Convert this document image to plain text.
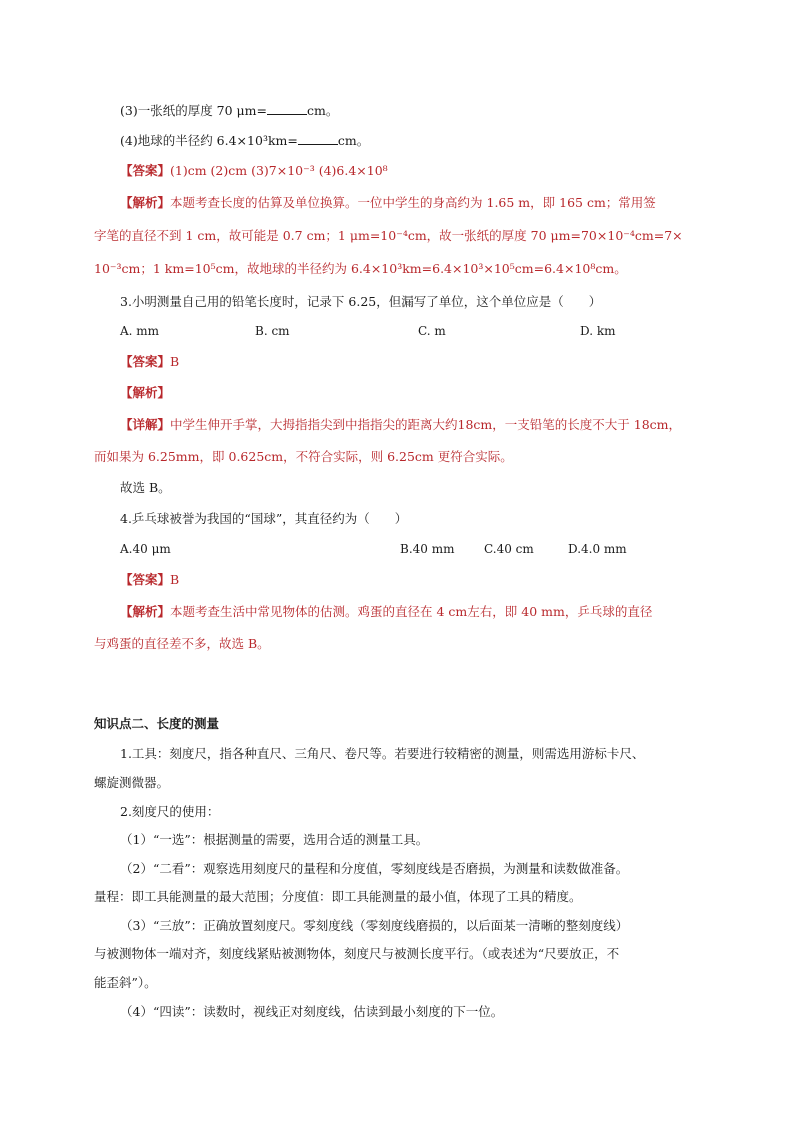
(3)一张纸的厚度 70 μm=	cm。
(4)地球的半径约 6.4×10³km=	cm。
【答案】(1)cm (2)cm (3)7×10⁻³ (4)6.4×10⁸
【解析】本题考查长度的估算及单位换算。一位中学生的身高约为 1.65 m，即 165 cm；常用签
字笔的直径不到 1 cm，故可能是 0.7 cm；1 μm=10⁻⁴cm，故一张纸的厚度 70 μm=70×10⁻⁴cm=7×
10⁻³cm；1 km=10⁵cm，故地球的半径约为 6.4×10³km=6.4×10³×10⁵cm=6.4×10⁸cm。
3.小明测量自己用的铅笔长度时，记录下 6.25，但漏写了单位，这个单位应是（　　）
A. mm	B. cm	C. m	D. km
【答案】B
【解析】
【详解】中学生伸开手掌，大拇指指尖到中指指尖的距离大约18cm，一支铅笔的长度不大于 18cm，
而如果为 6.25mm，即 0.625cm，不符合实际，则 6.25cm 更符合实际。
故选 B。
4.乒乓球被誉为我国的“国球”，其直径约为（　　）
A.40 μm	B.40 mm C.40 cm	D.4.0 mm
【答案】B
【解析】本题考查生活中常见物体的估测。鸡蛋的直径在 4 cm左右，即 40 mm，乒乓球的直径
与鸡蛋的直径差不多，故选 B。
知识点二、长度的测量
1.工具：刻度尺，指各种直尺、三角尺、卷尺等。若要进行较精密的测量，则需选用游标卡尺、
螺旋测微器。
2.刻度尺的使用：
（1）“一选”：根据测量的需要，选用合适的测量工具。
（2）“二看”：观察选用刻度尺的量程和分度值，零刻度线是否磨损，为测量和读数做准备。
量程：即工具能测量的最大范围；分度值：即工具能测量的最小值，体现了工具的精度。
（3）“三放”：正确放置刻度尺。零刻度线（零刻度线磨损的，以后面某一清晰的整刻度线）
与被测物体一端对齐，刻度线紧贴被测物体，刻度尺与被测长度平行。（或表述为“尺要放正，不
能歪斜”）。
（4）“四读”：读数时，视线正对刻度线，估读到最小刻度的下一位。
